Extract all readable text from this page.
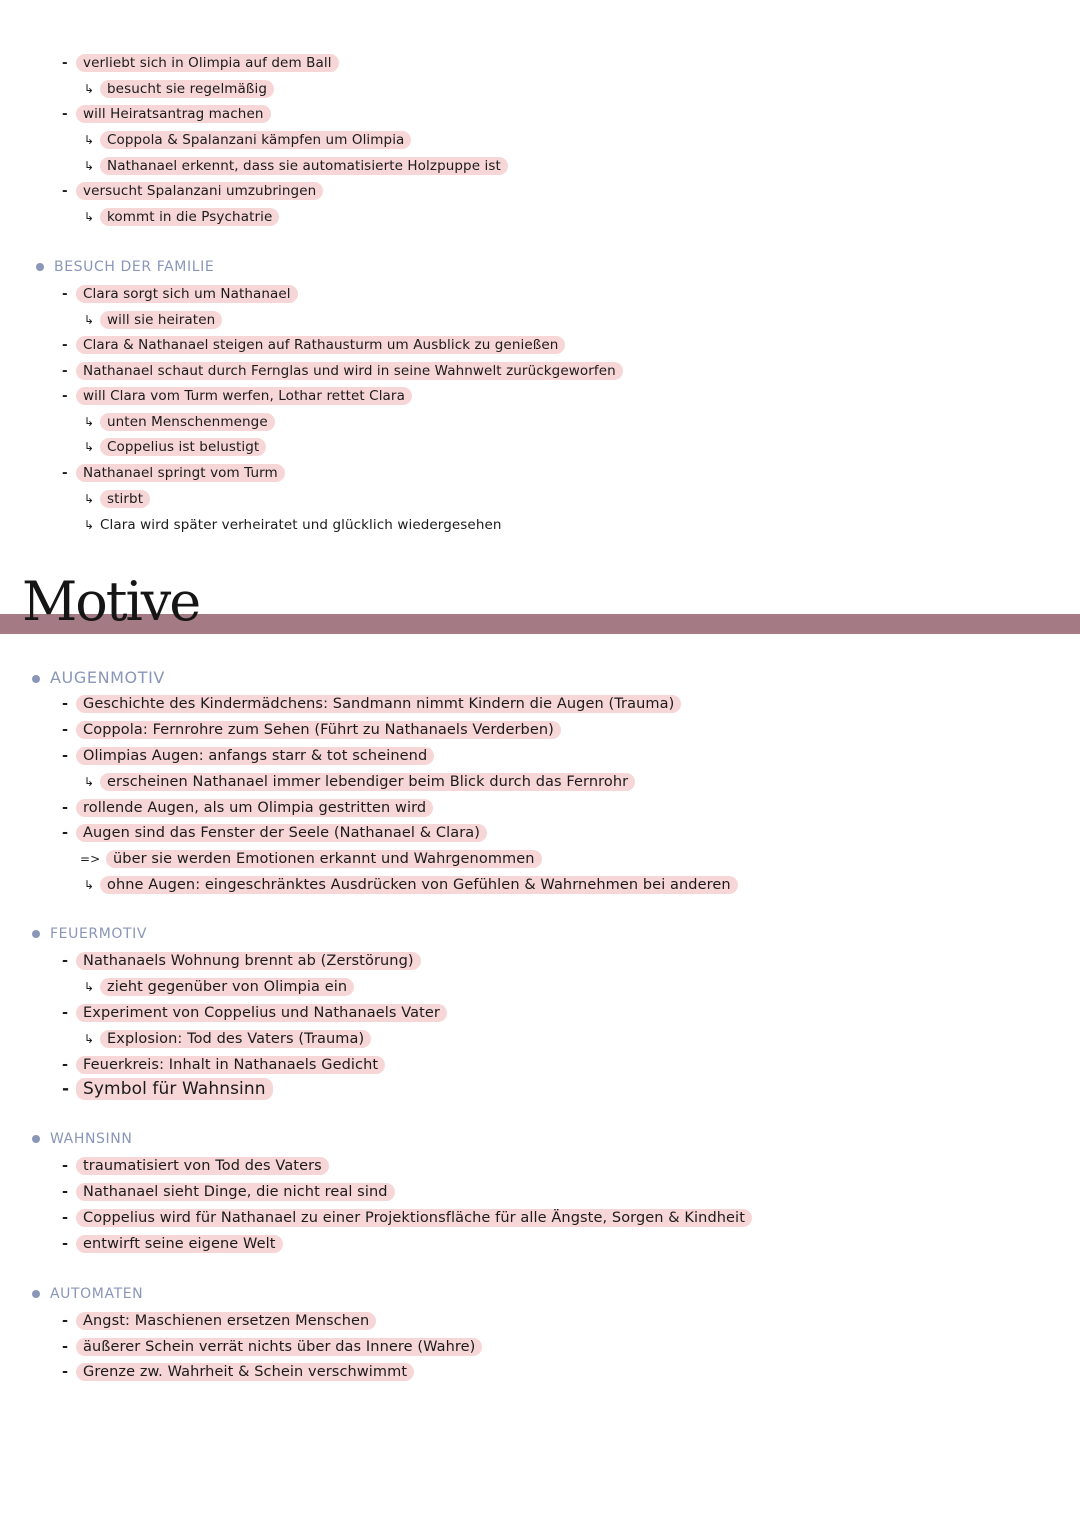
- verliebt sich in Olimpia auf dem Ball
↳ besucht sie regelmäßig
- will Heiratsantrag machen
↳ Coppola & Spalanzani kämpfen um Olimpia
↳ Nathanael erkennt, dass sie automatisierte Holzpuppe ist
- versucht Spalanzani umzubringen
↳ kommt in die Psychatrie
BESUCH DER FAMILIE
- Clara sorgt sich um Nathanael
↳ will sie heiraten
- Clara & Nathanael steigen auf Rathausturm um Ausblick zu genießen
- Nathanael schaut durch Fernglas und wird in seine Wahnwelt zurückgeworfen
- will Clara vom Turm werfen, Lothar rettet Clara
↳ unten Menschenmenge
↳ Coppelius ist belustigt
- Nathanael springt vom Turm
↳ stirbt
↳ Clara wird später verheiratet und glücklich wiedergesehen
Motive
AUGENMOTIV
- Geschichte des Kindermädchens: Sandmann nimmt Kindern die Augen (Trauma)
- Coppola: Fernrohre zum Sehen (Führt zu Nathanaels Verderben)
- Olimpias Augen: anfangs starr & tot scheinend
↳ erscheinen Nathanael immer lebendiger beim Blick durch das Fernrohr
- rollende Augen, als um Olimpia gestritten wird
- Augen sind das Fenster der Seele (Nathanael & Clara)
=> über sie werden Emotionen erkannt und Wahrgenommen
↳ ohne Augen: eingeschränktes Ausdrücken von Gefühlen & Wahrnehmen bei anderen
FEUERMOTIV
- Nathanaels Wohnung brennt ab (Zerstörung)
↳ zieht gegenüber von Olimpia ein
- Experiment von Coppelius und Nathanaels Vater
↳ Explosion: Tod des Vaters (Trauma)
- Feuerkreis: Inhalt in Nathanaels Gedicht
- Symbol für Wahnsinn
WAHNSINN
- traumatisiert von Tod des Vaters
- Nathanael sieht Dinge, die nicht real sind
- Coppelius wird für Nathanael zu einer Projektionsfläche für alle Ängste, Sorgen & Kindheit
- entwirft seine eigene Welt
AUTOMATEN
- Angst: Maschienen ersetzen Menschen
- äußerer Schein verrät nichts über das Innere (Wahre)
- Grenze zw. Wahrheit & Schein verschwimmt
